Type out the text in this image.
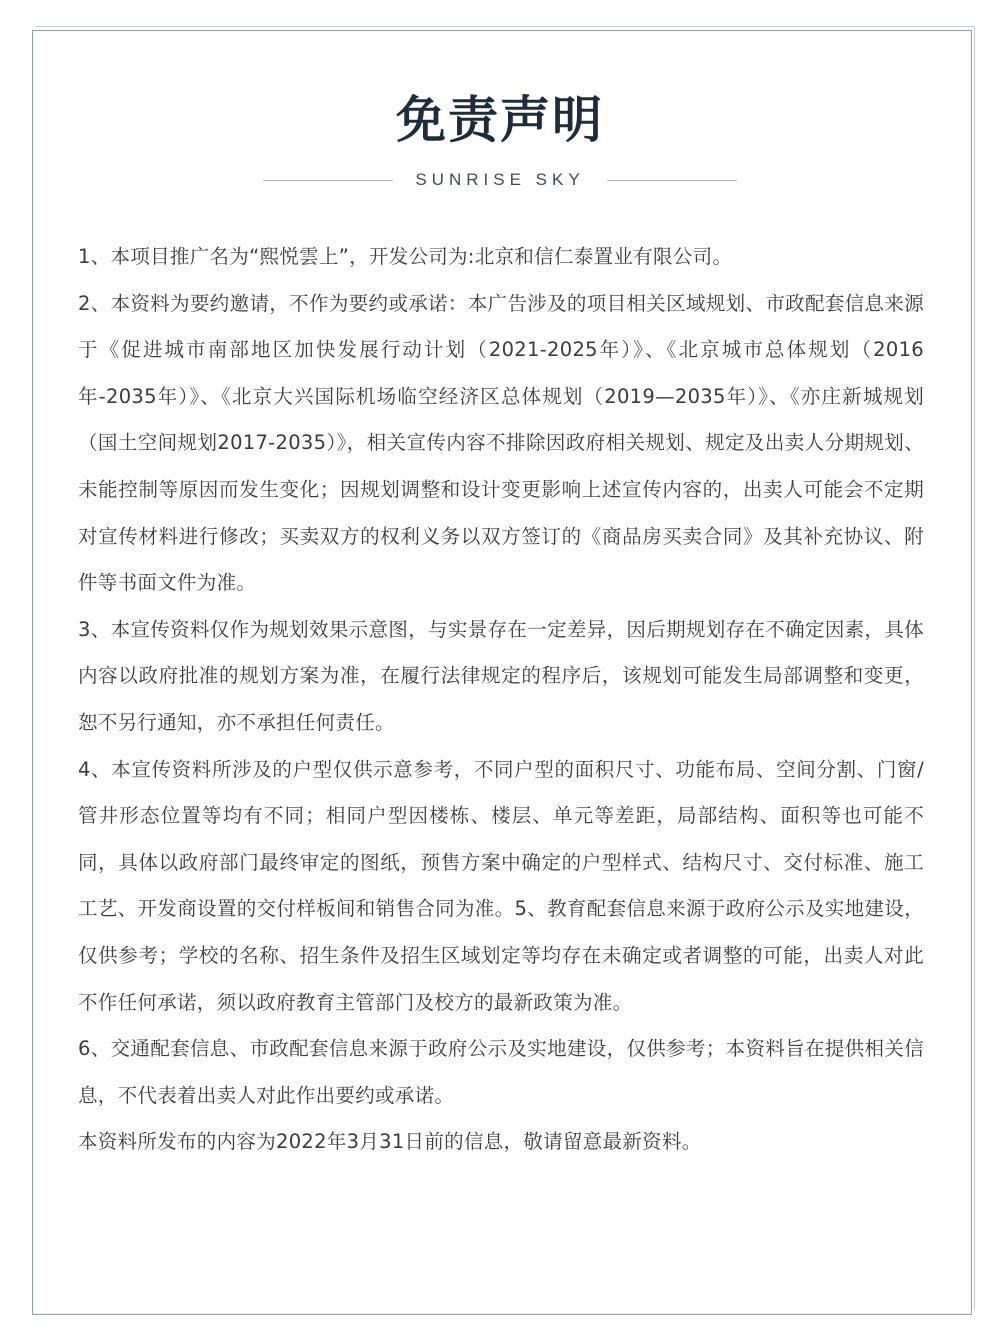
免责声明
SUNRISE SKY

1、本项目推广名为“熙悦雲上”，开发公司为:北京和信仁泰置业有限公司。

2、本资料为要约邀请，不作为要约或承诺：本广告涉及的项目相关区域规划、市政配套信息来源于《促进城市南部地区加快发展行动计划（2021-2025年）》、《北京城市总体规划（2016年-2035年）》、《北京大兴国际机场临空经济区总体规划（2019—2035年）》、《亦庄新城规划（国土空间规划2017-2035）》，相关宣传内容不排除因政府相关规划、规定及出卖人分期规划、未能控制等原因而发生变化；因规划调整和设计变更影响上述宣传内容的，出卖人可能会不定期对宣传材料进行修改；买卖双方的权利义务以双方签订的《商品房买卖合同》及其补充协议、附件等书面文件为准。

3、本宣传资料仅作为规划效果示意图，与实景存在一定差异，因后期规划存在不确定因素，具体内容以政府批准的规划方案为准，在履行法律规定的程序后，该规划可能发生局部调整和变更，恕不另行通知，亦不承担任何责任。

4、本宣传资料所涉及的户型仅供示意参考，不同户型的面积尺寸、功能布局、空间分割、门窗/管井形态位置等均有不同；相同户型因楼栋、楼层、单元等差距，局部结构、面积等也可能不同，具体以政府部门最终审定的图纸，预售方案中确定的户型样式、结构尺寸、交付标准、施工工艺、开发商设置的交付样板间和销售合同为准。5、教育配套信息来源于政府公示及实地建设，仅供参考；学校的名称、招生条件及招生区域划定等均存在未确定或者调整的可能，出卖人对此不作任何承诺，须以政府教育主管部门及校方的最新政策为准。

6、交通配套信息、市政配套信息来源于政府公示及实地建设，仅供参考；本资料旨在提供相关信息，不代表着出卖人对此作出要约或承诺。

本资料所发布的内容为2022年3月31日前的信息，敬请留意最新资料。
